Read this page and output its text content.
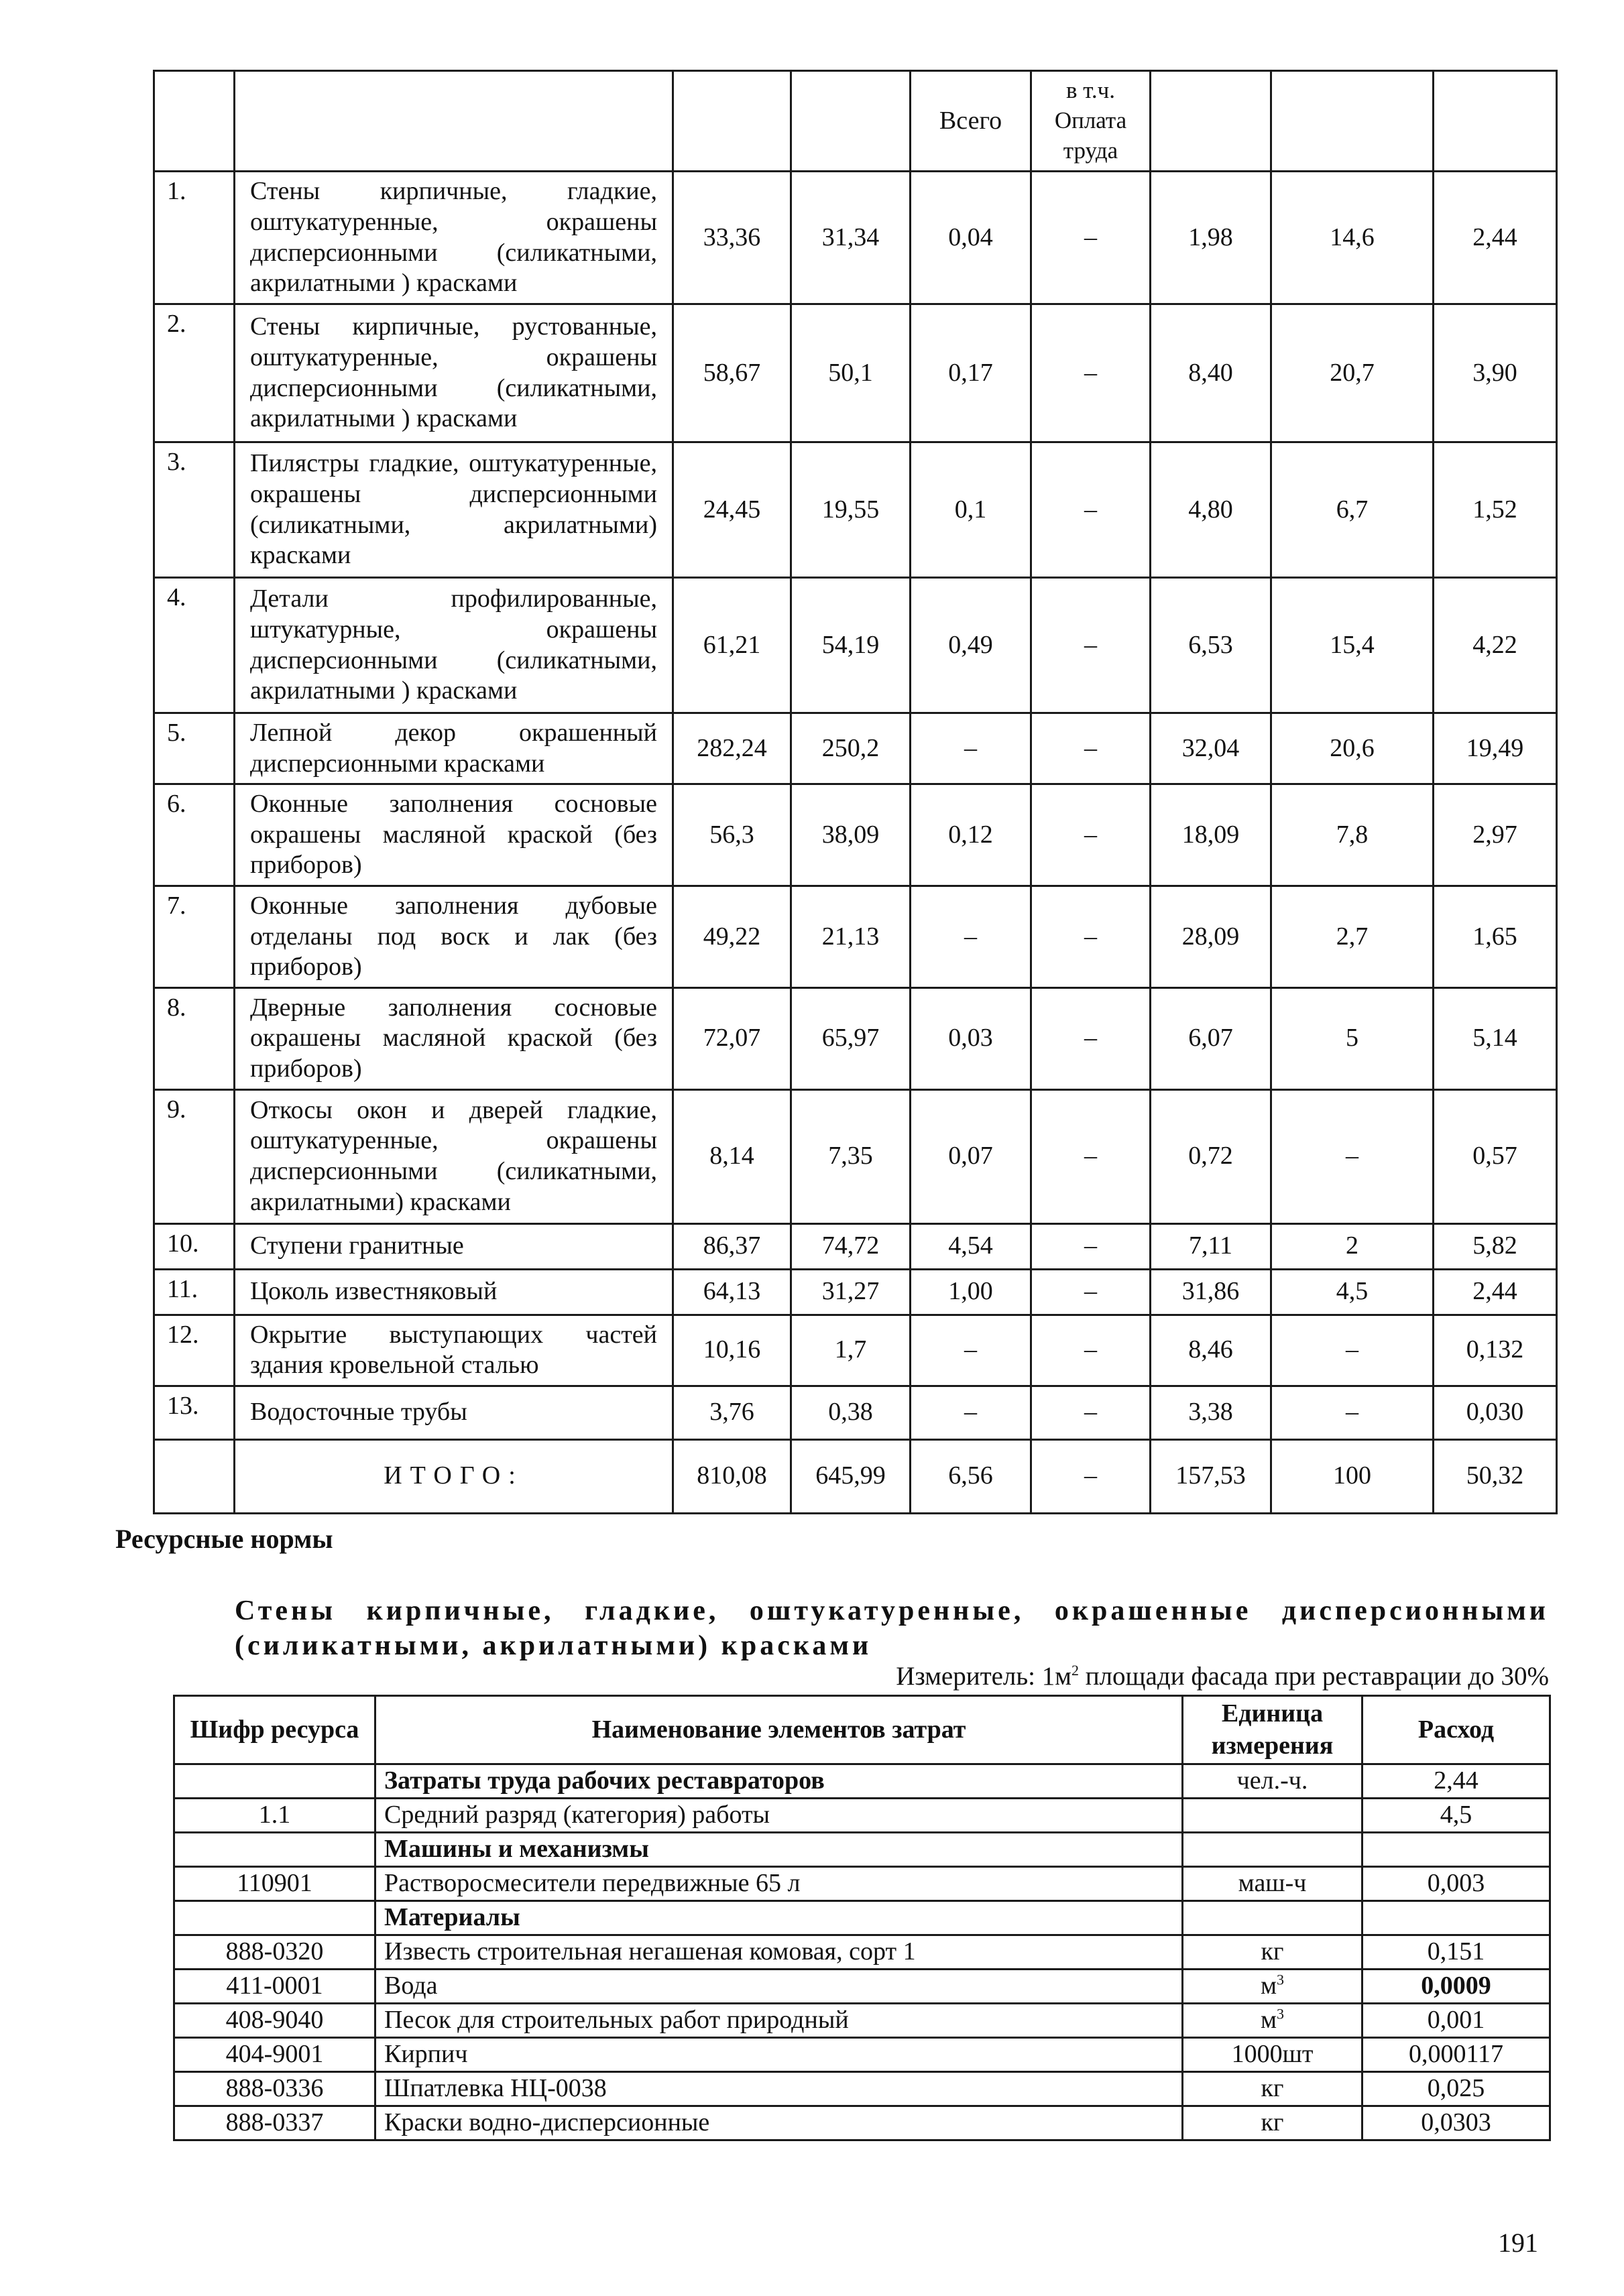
				Всего	в т.ч. Оплата труда			
1.	Стены кирпичные, гладкие, оштукатуренные, окрашены дисперсионными (силикатными, акрилатными ) красками	33,36	31,34	0,04	–	1,98	14,6	2,44
2.	Стены кирпичные, рустованные, оштукатуренные, окрашены дисперсионными (силикатными, акрилатными ) красками	58,67	50,1	0,17	–	8,40	20,7	3,90
3.	Пилястры гладкие, оштукатуренные, окрашены дисперсионными (силикатными, акрилатными) красками	24,45	19,55	0,1	–	4,80	6,7	1,52
4.	Детали профилированные, штукатурные, окрашены дисперсионными (силикатными, акрилатными ) красками	61,21	54,19	0,49	–	6,53	15,4	4,22
5.	Лепной декор окрашенный дисперсионными красками	282,24	250,2	–	–	32,04	20,6	19,49
6.	Оконные заполнения сосновые окрашены масляной краской (без приборов)	56,3	38,09	0,12	–	18,09	7,8	2,97
7.	Оконные заполнения дубовые отделаны под воск и лак (без приборов)	49,22	21,13	–	–	28,09	2,7	1,65
8.	Дверные заполнения сосновые окрашены масляной краской (без приборов)	72,07	65,97	0,03	–	6,07	5	5,14
9.	Откосы окон и дверей гладкие, оштукатуренные, окрашены дисперсионными (силикатными, акрилатными) красками	8,14	7,35	0,07	–	0,72	–	0,57
10.	Ступени гранитные	86,37	74,72	4,54	–	7,11	2	5,82
11.	Цоколь известняковый	64,13	31,27	1,00	–	31,86	4,5	2,44
12.	Окрытие выступающих частей здания кровельной сталью	10,16	1,7	–	–	8,46	–	0,132
13.	Водосточные трубы	3,76	0,38	–	–	3,38	–	0,030
	ИТОГО:	810,08	645,99	6,56	–	157,53	100	50,32
Ресурсные нормы
Стены кирпичные, гладкие, оштукатуренные, окрашенные дисперсионными (силикатными, акрилатными) красками
Измеритель: $1м^2$ площади фасада при реставрации до 30%
Шифр ресурса	Наименование элементов затрат	Единица измерения	Расход
	Затраты труда рабочих реставраторов	чел.-ч.	2,44
1.1	Средний разряд (категория) работы		4,5
	Машины и механизмы		
110901	Растворосмесители передвижные 65 л	маш-ч	0,003
	Материалы		
888-0320	Известь строительная негашеная комовая, сорт 1	кг	0,151
411-0001	Вода	$м^3$	0,0009
408-9040	Песок для строительных работ природный	$м^3$	0,001
404-9001	Кирпич	1000шт	0,000117
888-0336	Шпатлевка НЦ-0038	кг	0,025
888-0337	Краски водно-дисперсионные	кг	0,0303
191
